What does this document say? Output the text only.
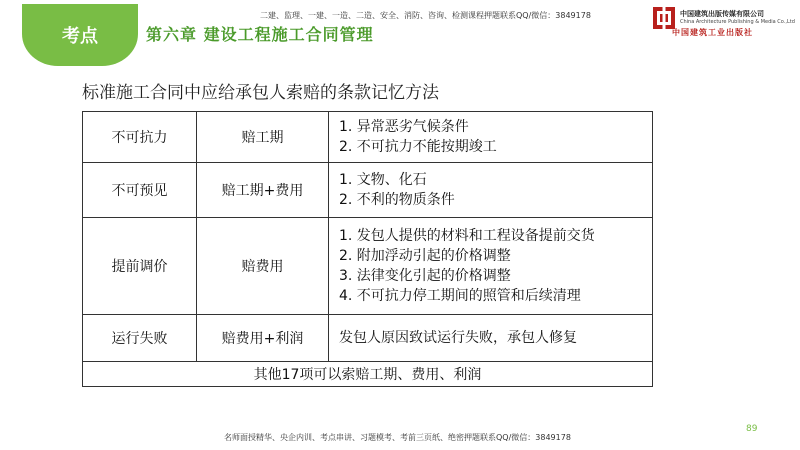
考点
二建、监理、一建、一造、二造、安全、消防、咨询、检测课程押题联系QQ/微信：3849178
第六章 建设工程施工合同管理
中国建筑出版传媒有限公司
China Architecture Publishing & Media Co.,Ltd
中国建筑工业出版社
标准施工合同中应给承包人索赔的条款记忆方法
不可抗力	赔工期	1. 异常恶劣气候条件
2. 不可抗力不能按期竣工

不可预见	赔工期+费用	1. 文物、化石
2. 不利的物质条件

提前调价	赔费用	1. 发包人提供的材料和工程设备提前交货
2. 附加浮动引起的价格调整
3. 法律变化引起的价格调整
4. 不可抗力停工期间的照管和后续清理

运行失败	赔费用+利润	发包人原因致试运行失败，承包人修复

其他17项可以索赔工期、费用、利润		
89
名师面授精华、央企内训、考点串讲、习题模考、考前三页纸、绝密押题联系QQ/微信：3849178
